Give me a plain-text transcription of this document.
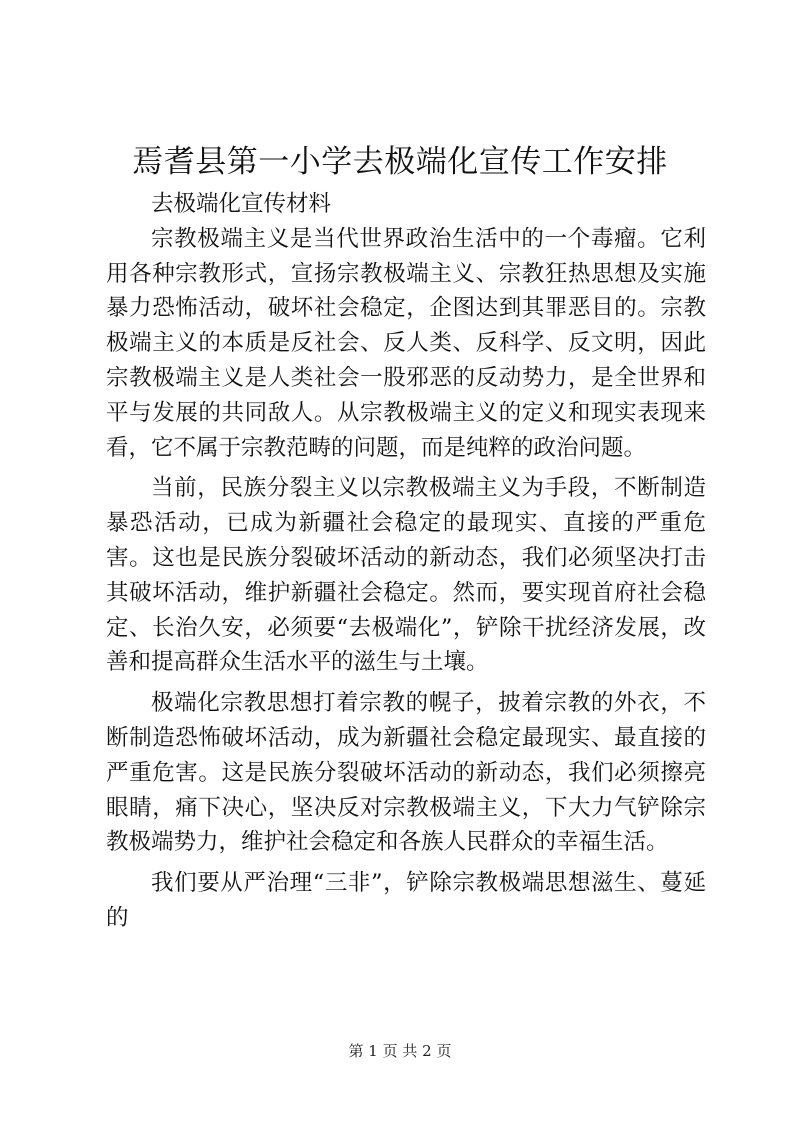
焉耆县第一小学去极端化宣传工作安排

去极端化宣传材料

宗教极端主义是当代世界政治生活中的一个毒瘤。它利用各种宗教形式，宣扬宗教极端主义、宗教狂热思想及实施暴力恐怖活动，破坏社会稳定，企图达到其罪恶目的。宗教极端主义的本质是反社会、反人类、反科学、反文明，因此宗教极端主义是人类社会一股邪恶的反动势力，是全世界和平与发展的共同敌人。从宗教极端主义的定义和现实表现来看，它不属于宗教范畴的问题，而是纯粹的政治问题。

当前，民族分裂主义以宗教极端主义为手段，不断制造暴恐活动，已成为新疆社会稳定的最现实、直接的严重危害。这也是民族分裂破坏活动的新动态，我们必须坚决打击其破坏活动，维护新疆社会稳定。然而，要实现首府社会稳定、长治久安，必须要“去极端化”，铲除干扰经济发展，改善和提高群众生活水平的滋生与土壤。

极端化宗教思想打着宗教的幌子，披着宗教的外衣，不断制造恐怖破坏活动，成为新疆社会稳定最现实、最直接的严重危害。这是民族分裂破坏活动的新动态，我们必须擦亮眼睛，痛下决心，坚决反对宗教极端主义，下大力气铲除宗教极端势力，维护社会稳定和各族人民群众的幸福生活。

我们要从严治理“三非”，铲除宗教极端思想滋生、蔓延的

第 1 页 共 2 页
